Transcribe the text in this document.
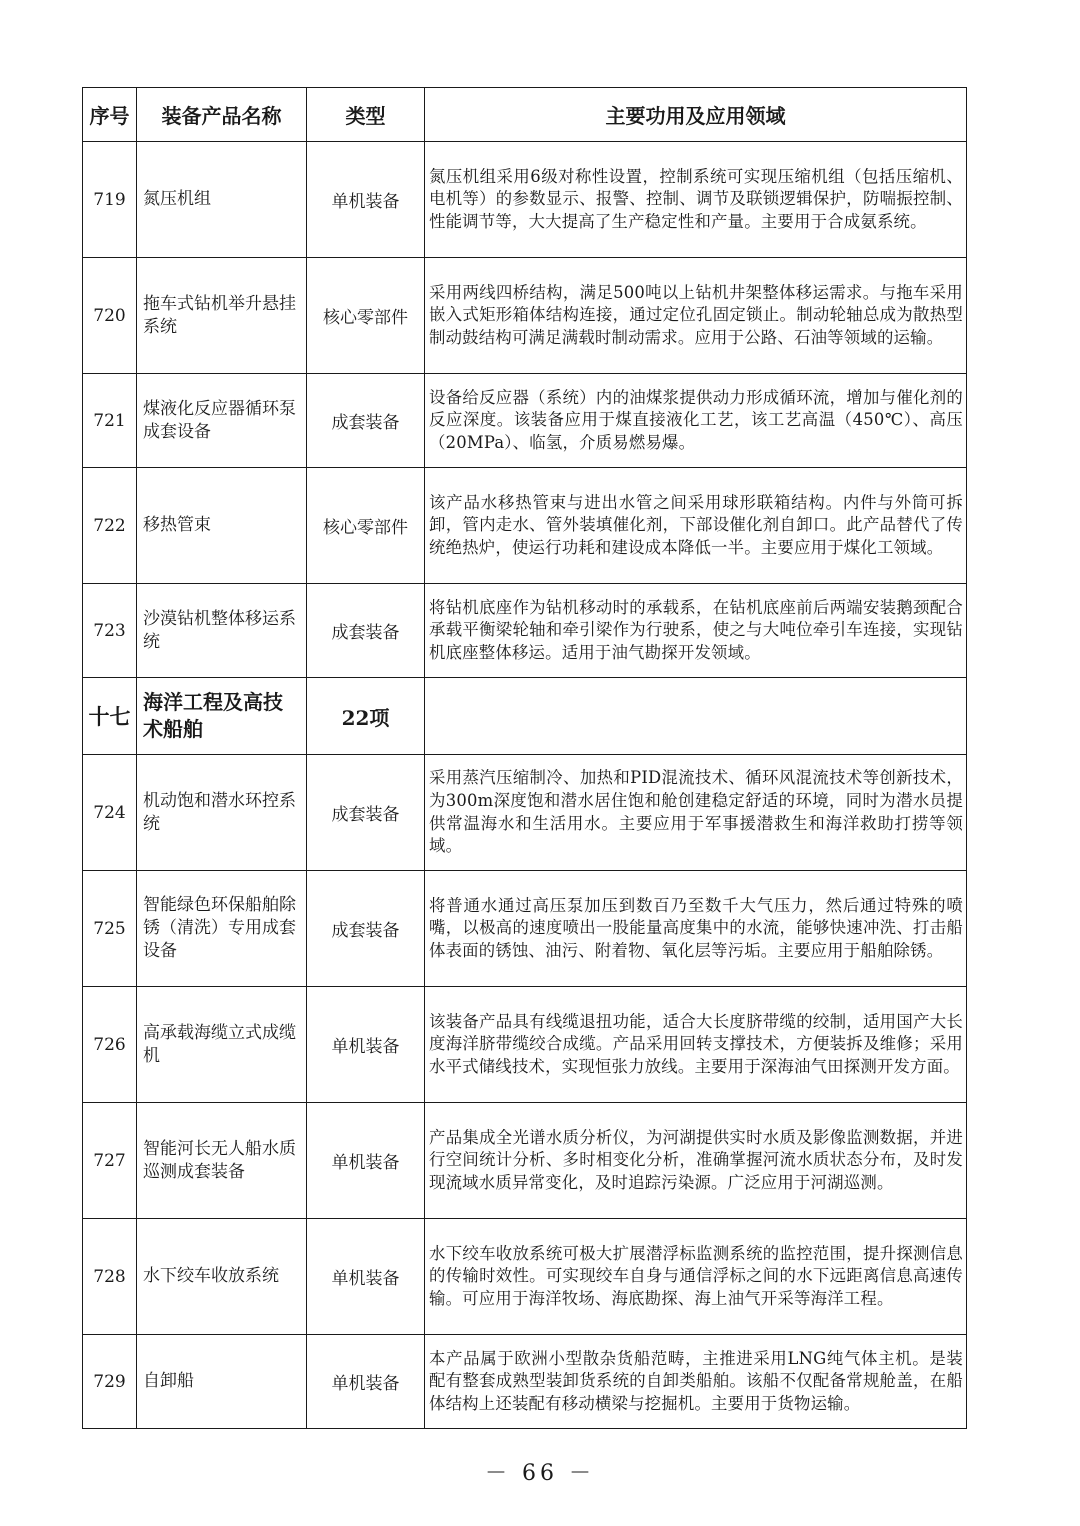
序号	装备产品名称	类型	主要功用及应用领域
719	氮压机组	单机装备	氮压机组采用6级对称性设置，控制系统可实现压缩机组（包括压缩机、电机等）的参数显示、报警、控制、调节及联锁逻辑保护，防喘振控制、性能调节等，大大提高了生产稳定性和产量。主要用于合成氨系统。
720	拖车式钻机举升悬挂系统	核心零部件	采用两线四桥结构，满足500吨以上钻机井架整体移运需求。与拖车采用嵌入式矩形箱体结构连接，通过定位孔固定锁止。制动轮轴总成为散热型制动鼓结构可满足满载时制动需求。应用于公路、石油等领域的运输。
721	煤液化反应器循环泵成套设备	成套装备	设备给反应器（系统）内的油煤浆提供动力形成循环流，增加与催化剂的反应深度。该装备应用于煤直接液化工艺，该工艺高温（450℃）、高压（20MPa）、临氢，介质易燃易爆。
722	移热管束	核心零部件	该产品水移热管束与进出水管之间采用球形联箱结构。内件与外筒可拆卸，管内走水、管外装填催化剂，下部设催化剂自卸口。此产品替代了传统绝热炉，使运行功耗和建设成本降低一半。主要应用于煤化工领域。
723	沙漠钻机整体移运系统	成套装备	将钻机底座作为钻机移动时的承载系，在钻机底座前后两端安装鹅颈配合承载平衡梁轮轴和牵引梁作为行驶系，使之与大吨位牵引车连接，实现钻机底座整体移运。适用于油气勘探开发领域。
十七	海洋工程及高技术船舶	22项	
724	机动饱和潜水环控系统	成套装备	采用蒸汽压缩制冷、加热和PID混流技术、循环风混流技术等创新技术，为300m深度饱和潜水居住饱和舱创建稳定舒适的环境，同时为潜水员提供常温海水和生活用水。主要应用于军事援潜救生和海洋救助打捞等领域。
725	智能绿色环保船舶除锈（清洗）专用成套设备	成套装备	将普通水通过高压泵加压到数百乃至数千大气压力，然后通过特殊的喷嘴，以极高的速度喷出一股能量高度集中的水流，能够快速冲洗、打击船体表面的锈蚀、油污、附着物、氧化层等污垢。主要应用于船舶除锈。
726	高承载海缆立式成缆机	单机装备	该装备产品具有线缆退扭功能，适合大长度脐带缆的绞制，适用国产大长度海洋脐带缆绞合成缆。产品采用回转支撑技术，方便装拆及维修；采用水平式储线技术，实现恒张力放线。主要用于深海油气田探测开发方面。
727	智能河长无人船水质巡测成套装备	单机装备	产品集成全光谱水质分析仪，为河湖提供实时水质及影像监测数据，并进行空间统计分析、多时相变化分析，准确掌握河流水质状态分布，及时发现流域水质异常变化，及时追踪污染源。广泛应用于河湖巡测。
728	水下绞车收放系统	单机装备	水下绞车收放系统可极大扩展潜浮标监测系统的监控范围，提升探测信息的传输时效性。可实现绞车自身与通信浮标之间的水下远距离信息高速传输。可应用于海洋牧场、海底勘探、海上油气开采等海洋工程。
729	自卸船	单机装备	本产品属于欧洲小型散杂货船范畴，主推进采用LNG纯气体主机。是装配有整套成熟型装卸货系统的自卸类船舶。该船不仅配备常规舱盖，在船体结构上还装配有移动横梁与挖掘机。主要用于货物运输。
－ 66 －
